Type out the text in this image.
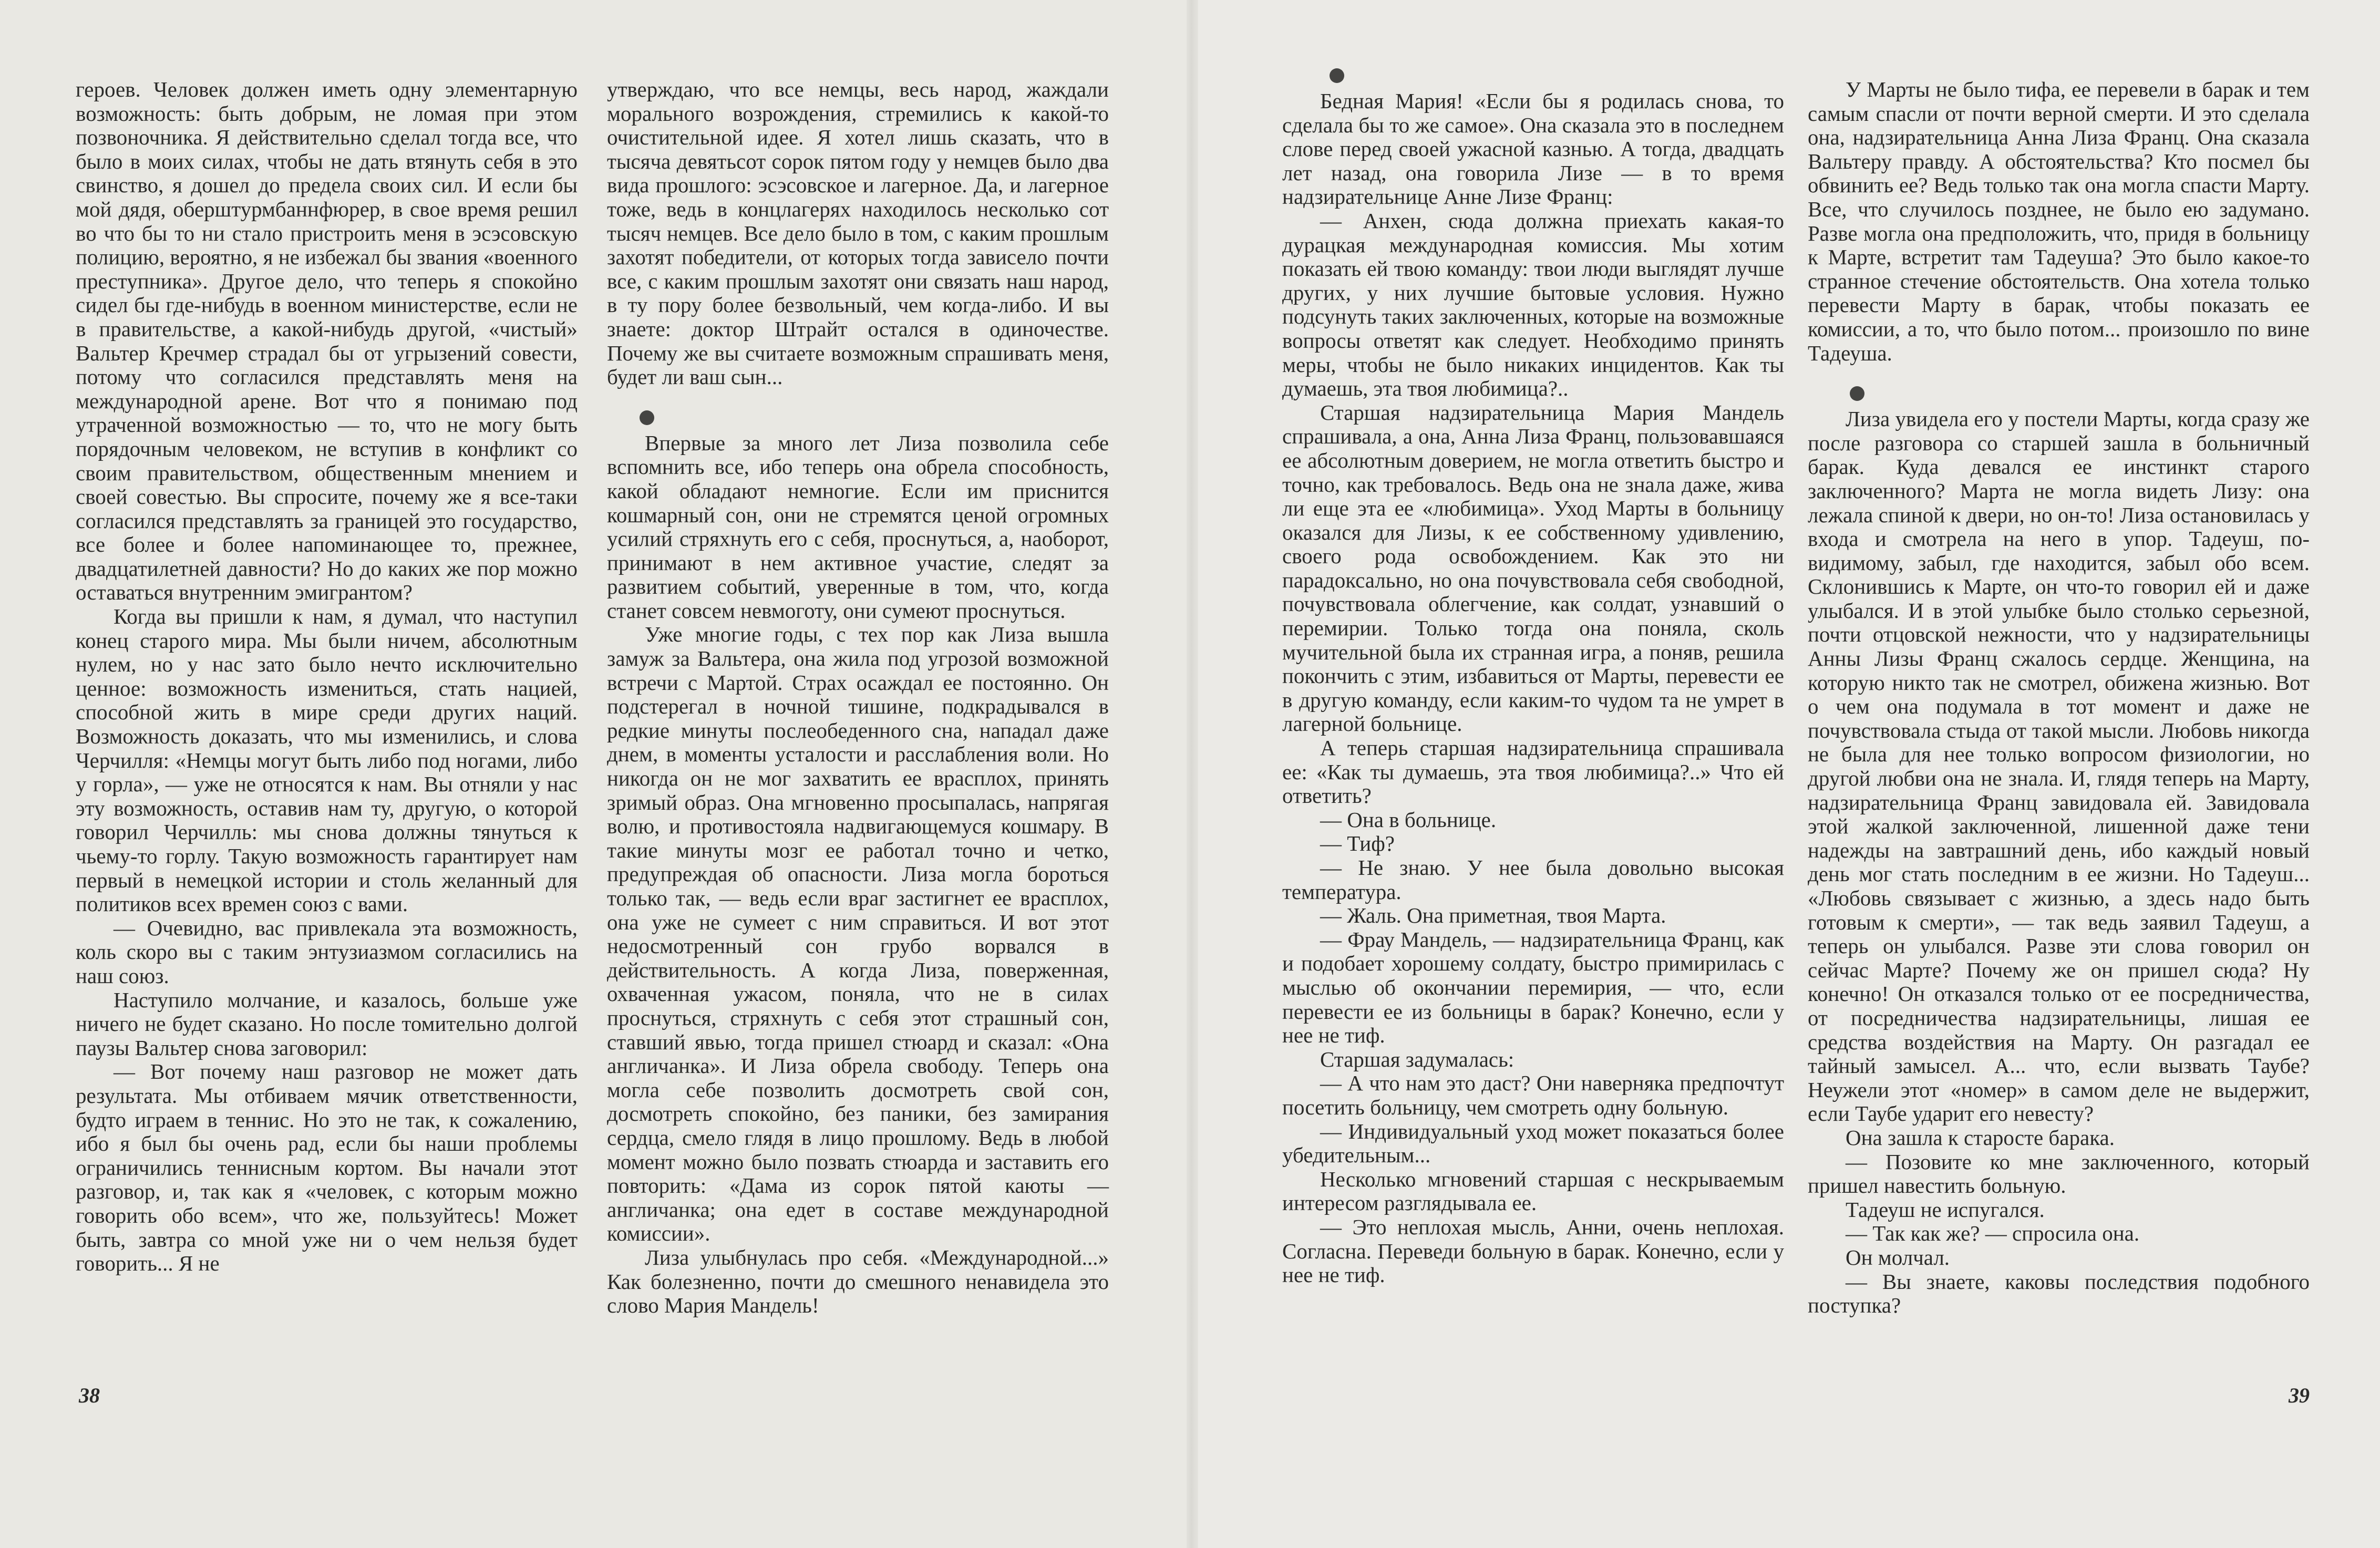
героев. Человек должен иметь одну элементарную возможность: быть добрым, не ломая при этом позвоночника. Я действительно сделал тогда все, что было в моих силах, чтобы не дать втянуть себя в это свинство, я дошел до предела своих сил. И если бы мой дядя, оберштурмбаннфюрер, в свое время решил во что бы то ни стало пристроить меня в эсэсовскую полицию, вероятно, я не избежал бы звания «военного преступника». Другое дело, что теперь я спокойно сидел бы где-нибудь в военном министерстве, если не в правительстве, а какой-нибудь другой, «чистый» Вальтер Кречмер страдал бы от угрызений совести, потому что согласился представлять меня на международной арене. Вот что я понимаю под утраченной возможностью — то, что не могу быть порядочным человеком, не вступив в конфликт со своим правительством, общественным мнением и своей совестью. Вы спросите, почему же я все-таки согласился представлять за границей это государство, все более и более напоминающее то, прежнее, двадцатилетней давности? Но до каких же пор можно оставаться внутренним эмигрантом?

Когда вы пришли к нам, я думал, что наступил конец старого мира. Мы были ничем, абсолютным нулем, но у нас зато было нечто исключительно ценное: возможность измениться, стать нацией, способной жить в мире среди других наций. Возможность доказать, что мы изменились, и слова Черчилля: «Немцы могут быть либо под ногами, либо у горла», — уже не относятся к нам. Вы отняли у нас эту возможность, оставив нам ту, другую, о которой говорил Черчилль: мы снова должны тянуться к чьему-то горлу. Такую возможность гарантирует нам первый в немецкой истории и столь желанный для политиков всех времен союз с вами.

— Очевидно, вас привлекала эта возможность, коль скоро вы с таким энтузиазмом согласились на наш союз.

Наступило молчание, и казалось, больше уже ничего не будет сказано. Но после томительно долгой паузы Вальтер снова заговорил:

— Вот почему наш разговор не может дать результата. Мы отбиваем мячик ответственности, будто играем в теннис. Но это не так, к сожалению, ибо я был бы очень рад, если бы наши проблемы ограничились теннисным кортом. Вы начали этот разговор, и, так как я «человек, с которым можно говорить обо всем», что же, пользуйтесь! Может быть, завтра со мной уже ни о чем нельзя будет говорить... Я не

утверждаю, что все немцы, весь народ, жаждали морального возрождения, стремились к какой-то очистительной идее. Я хотел лишь сказать, что в тысяча девятьсот сорок пятом году у немцев было два вида прошлого: эсэсовское и лагерное. Да, и лагерное тоже, ведь в концлагерях находилось несколько сот тысяч немцев. Все дело было в том, с каким прошлым захотят победители, от которых тогда зависело почти все, с каким прошлым захотят они связать наш народ, в ту пору более безвольный, чем когда-либо. И вы знаете: доктор Штрайт остался в одиночестве. Почему же вы считаете возможным спрашивать меня, будет ли ваш сын...

Впервые за много лет Лиза позволила себе вспомнить все, ибо теперь она обрела способность, какой обладают немногие. Если им приснится кошмарный сон, они не стремятся ценой огромных усилий стряхнуть его с себя, проснуться, а, наоборот, принимают в нем активное участие, следят за развитием событий, уверенные в том, что, когда станет совсем невмоготу, они сумеют проснуться.

Уже многие годы, с тех пор как Лиза вышла замуж за Вальтера, она жила под угрозой возможной встречи с Мартой. Страх осаждал ее постоянно. Он подстерегал в ночной тишине, подкрадывался в редкие минуты послеобеденного сна, нападал даже днем, в моменты усталости и расслабления воли. Но никогда он не мог захватить ее врасплох, принять зримый образ. Она мгновенно просыпалась, напрягая волю, и противостояла надвигающемуся кошмару. В такие минуты мозг ее работал точно и четко, предупреждая об опасности. Лиза могла бороться только так, — ведь если враг застигнет ее врасплох, она уже не сумеет с ним справиться. И вот этот недосмотренный сон грубо ворвался в действительность. А когда Лиза, поверженная, охваченная ужасом, поняла, что не в силах проснуться, стряхнуть с себя этот страшный сон, ставший явью, тогда пришел стюард и сказал: «Она англичанка». И Лиза обрела свободу. Теперь она могла себе позволить досмотреть свой сон, досмотреть спокойно, без паники, без замирания сердца, смело глядя в лицо прошлому. Ведь в любой момент можно было позвать стюарда и заставить его повторить: «Дама из сорок пятой каюты — англичанка; она едет в составе международной комиссии».

Лиза улыбнулась про себя. «Международной...» Как болезненно, почти до смешного ненавидела это слово Мария Мандель!

Бедная Мария! «Если бы я родилась снова, то сделала бы то же самое». Она сказала это в последнем слове перед своей ужасной казнью. А тогда, двадцать лет назад, она говорила Лизе — в то время надзирательнице Анне Лизе Франц:

— Анхен, сюда должна приехать какая-то дурацкая международная комиссия. Мы хотим показать ей твою команду: твои люди выглядят лучше других, у них лучшие бытовые условия. Нужно подсунуть таких заключенных, которые на возможные вопросы ответят как следует. Необходимо принять меры, чтобы не было никаких инцидентов. Как ты думаешь, эта твоя любимица?..

Старшая надзирательница Мария Мандель спрашивала, а она, Анна Лиза Франц, пользовавшаяся ее абсолютным доверием, не могла ответить быстро и точно, как требовалось. Ведь она не знала даже, жива ли еще эта ее «любимица». Уход Марты в больницу оказался для Лизы, к ее собственному удивлению, своего рода освобождением. Как это ни парадоксально, но она почувствовала себя свободной, почувствовала облегчение, как солдат, узнавший о перемирии. Только тогда она поняла, сколь мучительной была их странная игра, а поняв, решила покончить с этим, избавиться от Марты, перевести ее в другую команду, если каким-то чудом та не умрет в лагерной больнице.

А теперь старшая надзирательница спрашивала ее: «Как ты думаешь, эта твоя любимица?..» Что ей ответить?

— Она в больнице.

— Тиф?

— Не знаю. У нее была довольно высокая температура.

— Жаль. Она приметная, твоя Марта.

— Фрау Мандель, — надзирательница Франц, как и подобает хорошему солдату, быстро примирилась с мыслью об окончании перемирия, — что, если перевести ее из больницы в барак? Конечно, если у нее не тиф.

Старшая задумалась:

— А что нам это даст? Они наверняка предпочтут посетить больницу, чем смотреть одну больную.

— Индивидуальный уход может показаться более убедительным...

Несколько мгновений старшая с нескрываемым интересом разглядывала ее.

— Это неплохая мысль, Анни, очень неплохая. Согласна. Переведи больную в барак. Конечно, если у нее не тиф.

У Марты не было тифа, ее перевели в барак и тем самым спасли от почти верной смерти. И это сделала она, надзирательница Анна Лиза Франц. Она сказала Вальтеру правду. А обстоятельства? Кто посмел бы обвинить ее? Ведь только так она могла спасти Марту. Все, что случилось позднее, не было ею задумано. Разве могла она предположить, что, придя в больницу к Марте, встретит там Тадеуша? Это было какое-то странное стечение обстоятельств. Она хотела только перевести Марту в барак, чтобы показать ее комиссии, а то, что было потом... произошло по вине Тадеуша.

Лиза увидела его у постели Марты, когда сразу же после разговора со старшей зашла в больничный барак. Куда девался ее инстинкт старого заключенного? Марта не могла видеть Лизу: она лежала спиной к двери, но он-то! Лиза остановилась у входа и смотрела на него в упор. Тадеуш, по-видимому, забыл, где находится, забыл обо всем. Склонившись к Марте, он что-то говорил ей и даже улыбался. И в этой улыбке было столько серьезной, почти отцовской нежности, что у надзирательницы Анны Лизы Франц сжалось сердце. Женщина, на которую никто так не смотрел, обижена жизнью. Вот о чем она подумала в тот момент и даже не почувствовала стыда от такой мысли. Любовь никогда не была для нее только вопросом физиологии, но другой любви она не знала. И, глядя теперь на Марту, надзирательница Франц завидовала ей. Завидовала этой жалкой заключенной, лишенной даже тени надежды на завтрашний день, ибо каждый новый день мог стать последним в ее жизни. Но Тадеуш... «Любовь связывает с жизнью, а здесь надо быть готовым к смерти», — так ведь заявил Тадеуш, а теперь он улыбался. Разве эти слова говорил он сейчас Марте? Почему же он пришел сюда? Ну конечно! Он отказался только от ее посредничества, от посредничества надзирательницы, лишая ее средства воздействия на Марту. Он разгадал ее тайный замысел. А... что, если вызвать Таубе? Неужели этот «номер» в самом деле не выдержит, если Таубе ударит его невесту?

Она зашла к старосте барака.

— Позовите ко мне заключенного, который пришел навестить больную.

Тадеуш не испугался.

— Так как же? — спросила она.

Он молчал.

— Вы знаете, каковы последствия подобного поступка?

38	39
